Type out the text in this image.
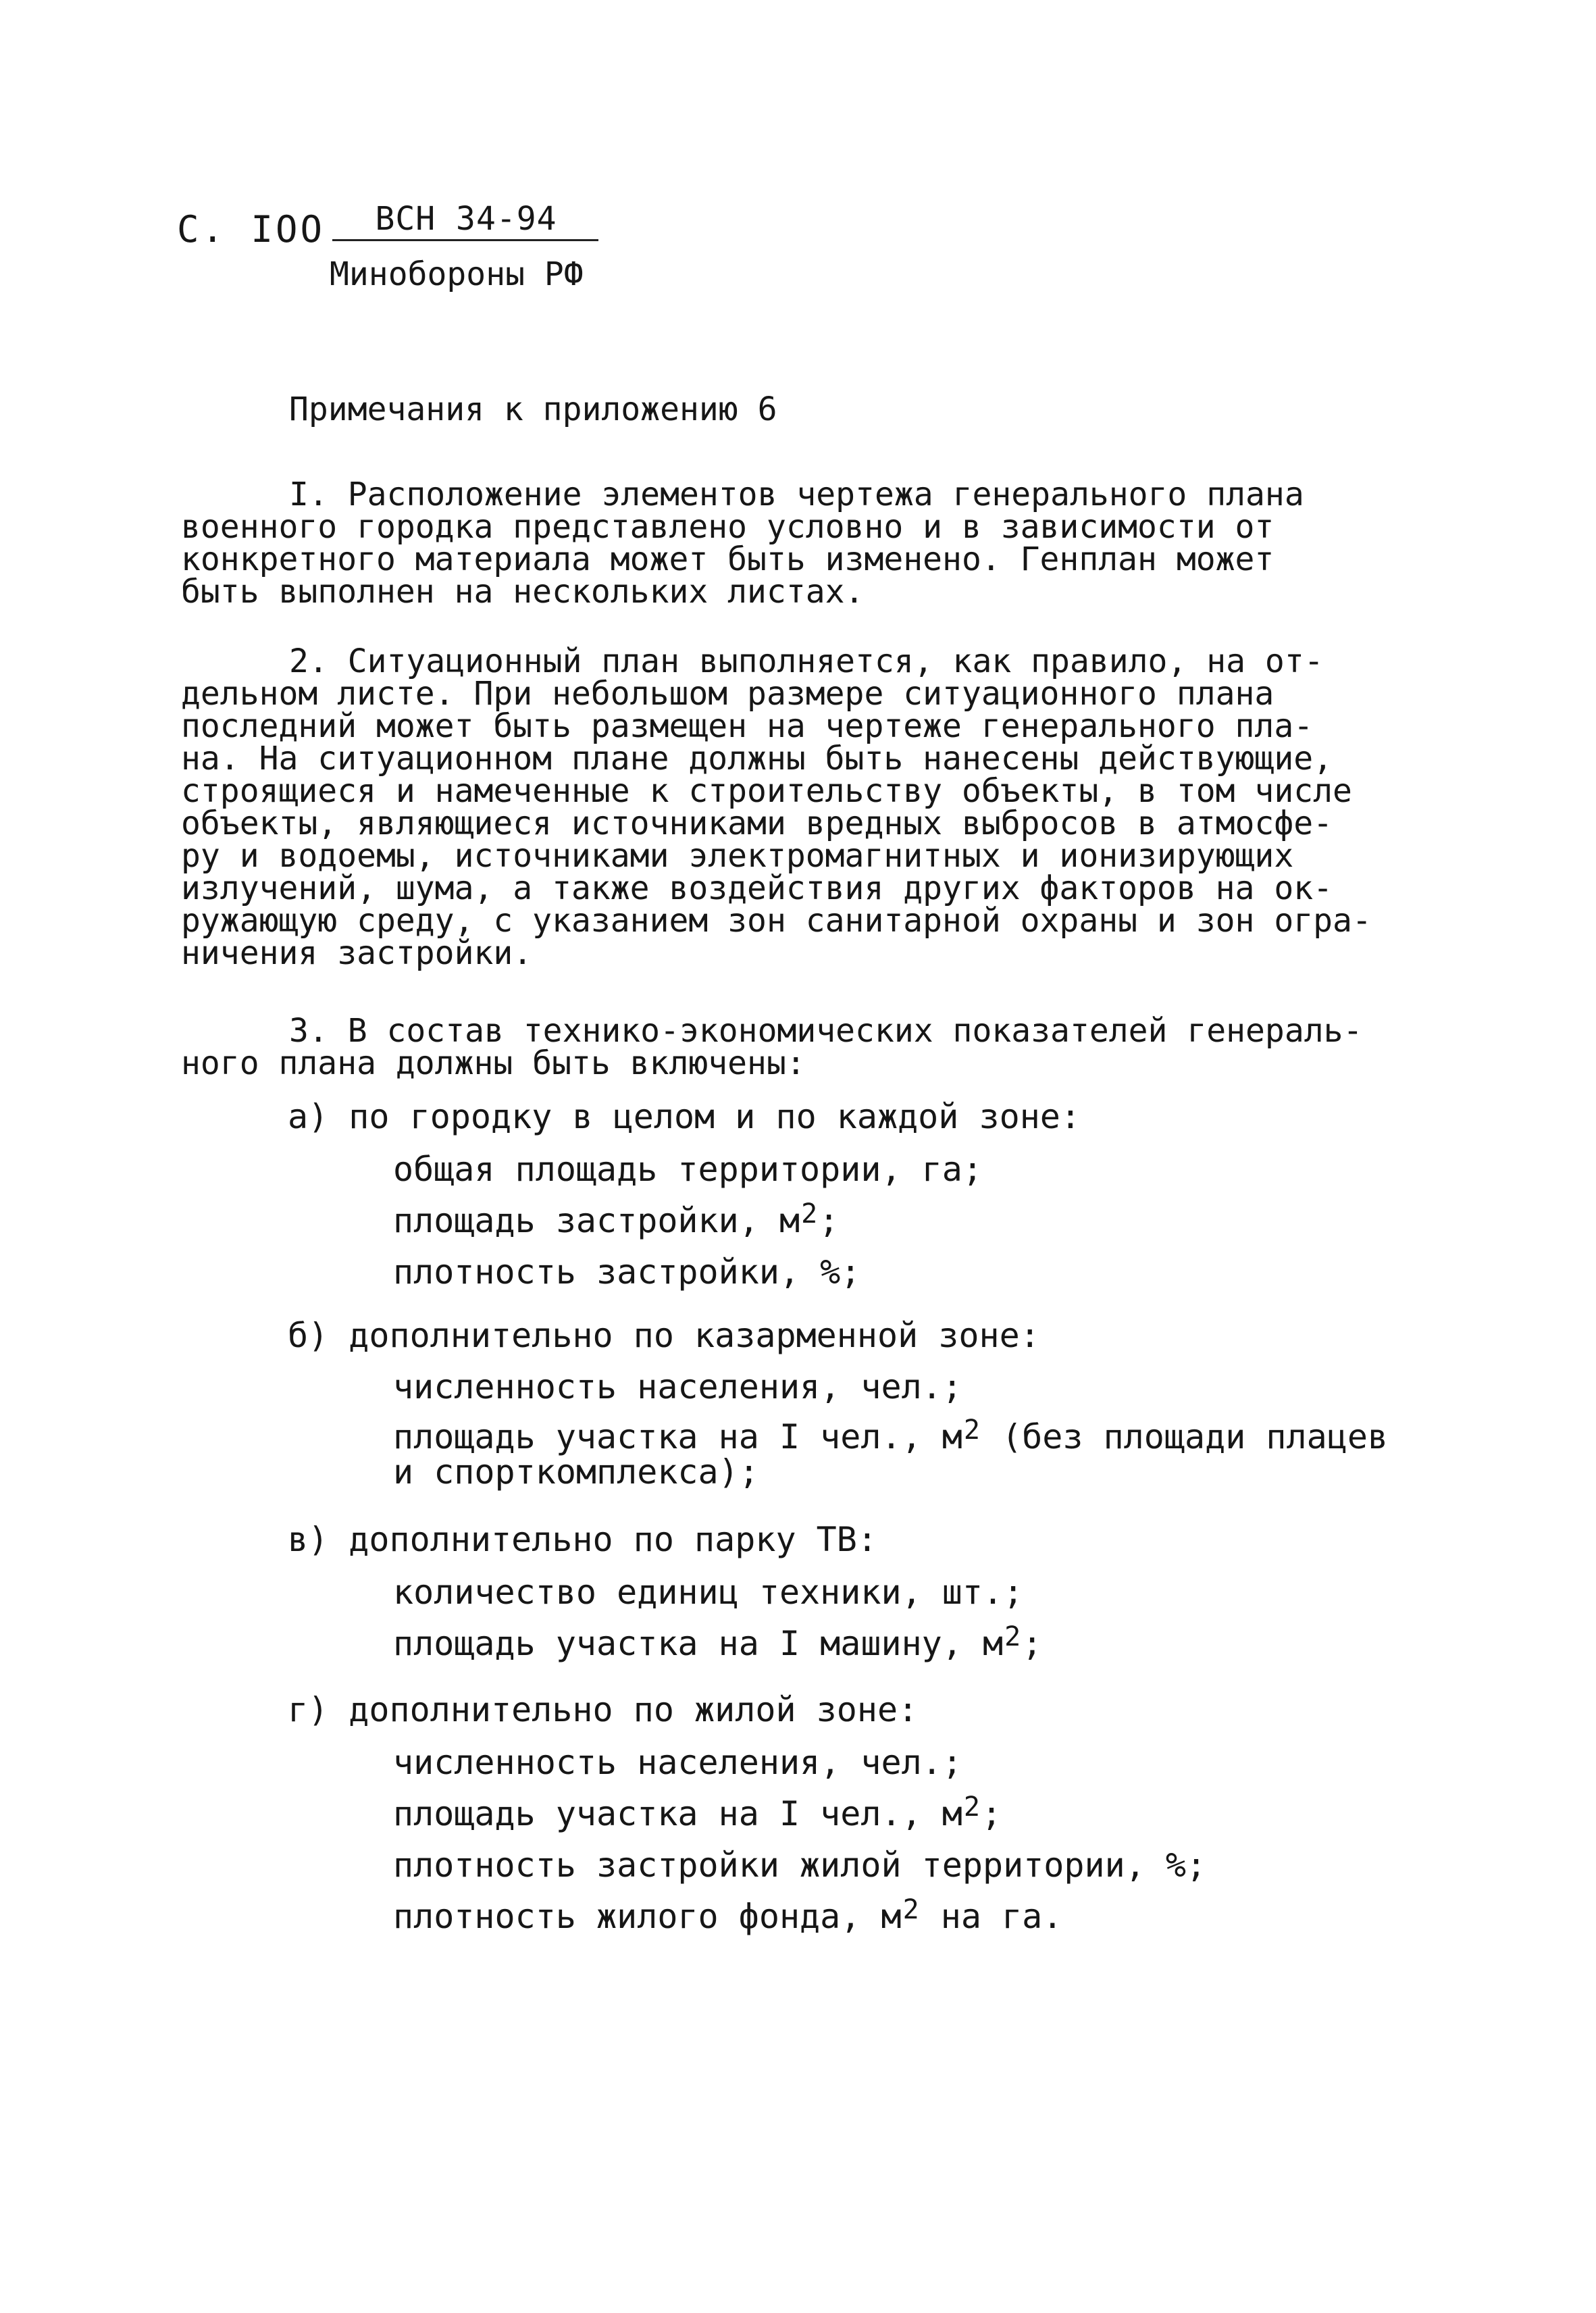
С. IOO	ВСН 34-94
Минобороны РФ
Примечания к приложению 6
I. Расположение элементов чертежа генерального плана
военного городка представлено условно и в зависимости от
конкретного материала может быть изменено. Генплан может
быть выполнен на нескольких листах.
2. Ситуационный план выполняется, как правило, на от-
дельном листе. При небольшом размере ситуационного плана
последний может быть размещен на чертеже генерального пла-
на. На ситуационном плане должны быть нанесены действующие,
строящиеся и намеченные к строительству объекты, в том числе
объекты, являющиеся источниками вредных выбросов в атмосфе-
ру и водоемы, источниками электромагнитных и ионизирующих
излучений, шума, а также воздействия других факторов на ок-
ружающую среду, с указанием зон санитарной охраны и зон огра-
ничения застройки.
3. В состав технико-экономических показателей генераль-
ного плана должны быть включены:
а) по городку в целом и по каждой зоне:
общая площадь территории, га;
площадь застройки, $м^2$;
плотность застройки, %;
б) дополнительно по казарменной зоне:
численность населения, чел.;
площадь участка на I чел., $м^2$ (без площади плацев
и спорткомплекса);
в) дополнительно по парку ТВ:
количество единиц техники, шт.;
площадь участка на I машину, $м^2$;
г) дополнительно по жилой зоне:
численность населения, чел.;
площадь участка на I чел., $м^2$;
плотность застройки жилой территории, %;
плотность жилого фонда, $м^2$ на га.
